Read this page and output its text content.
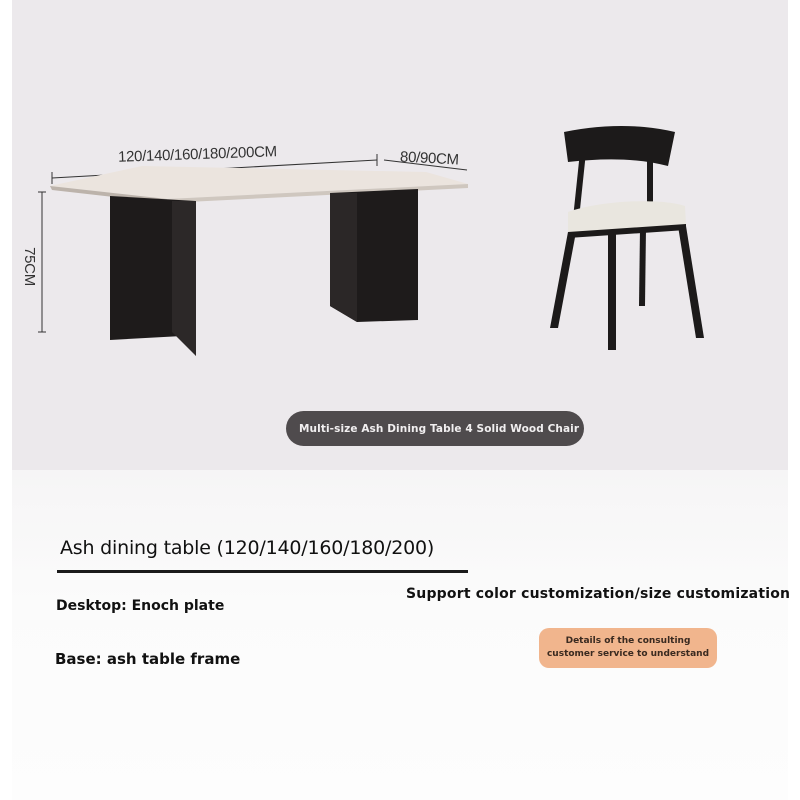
120/140/160/180/200CM	80/90CM
75CM
Multi-size Ash Dining Table 4 Solid Wood Chair
Ash dining table (120/140/160/180/200)
Desktop: Enoch plate
Base: ash table frame
Support color customization/size customization
Details of the consulting
customer service to understand
